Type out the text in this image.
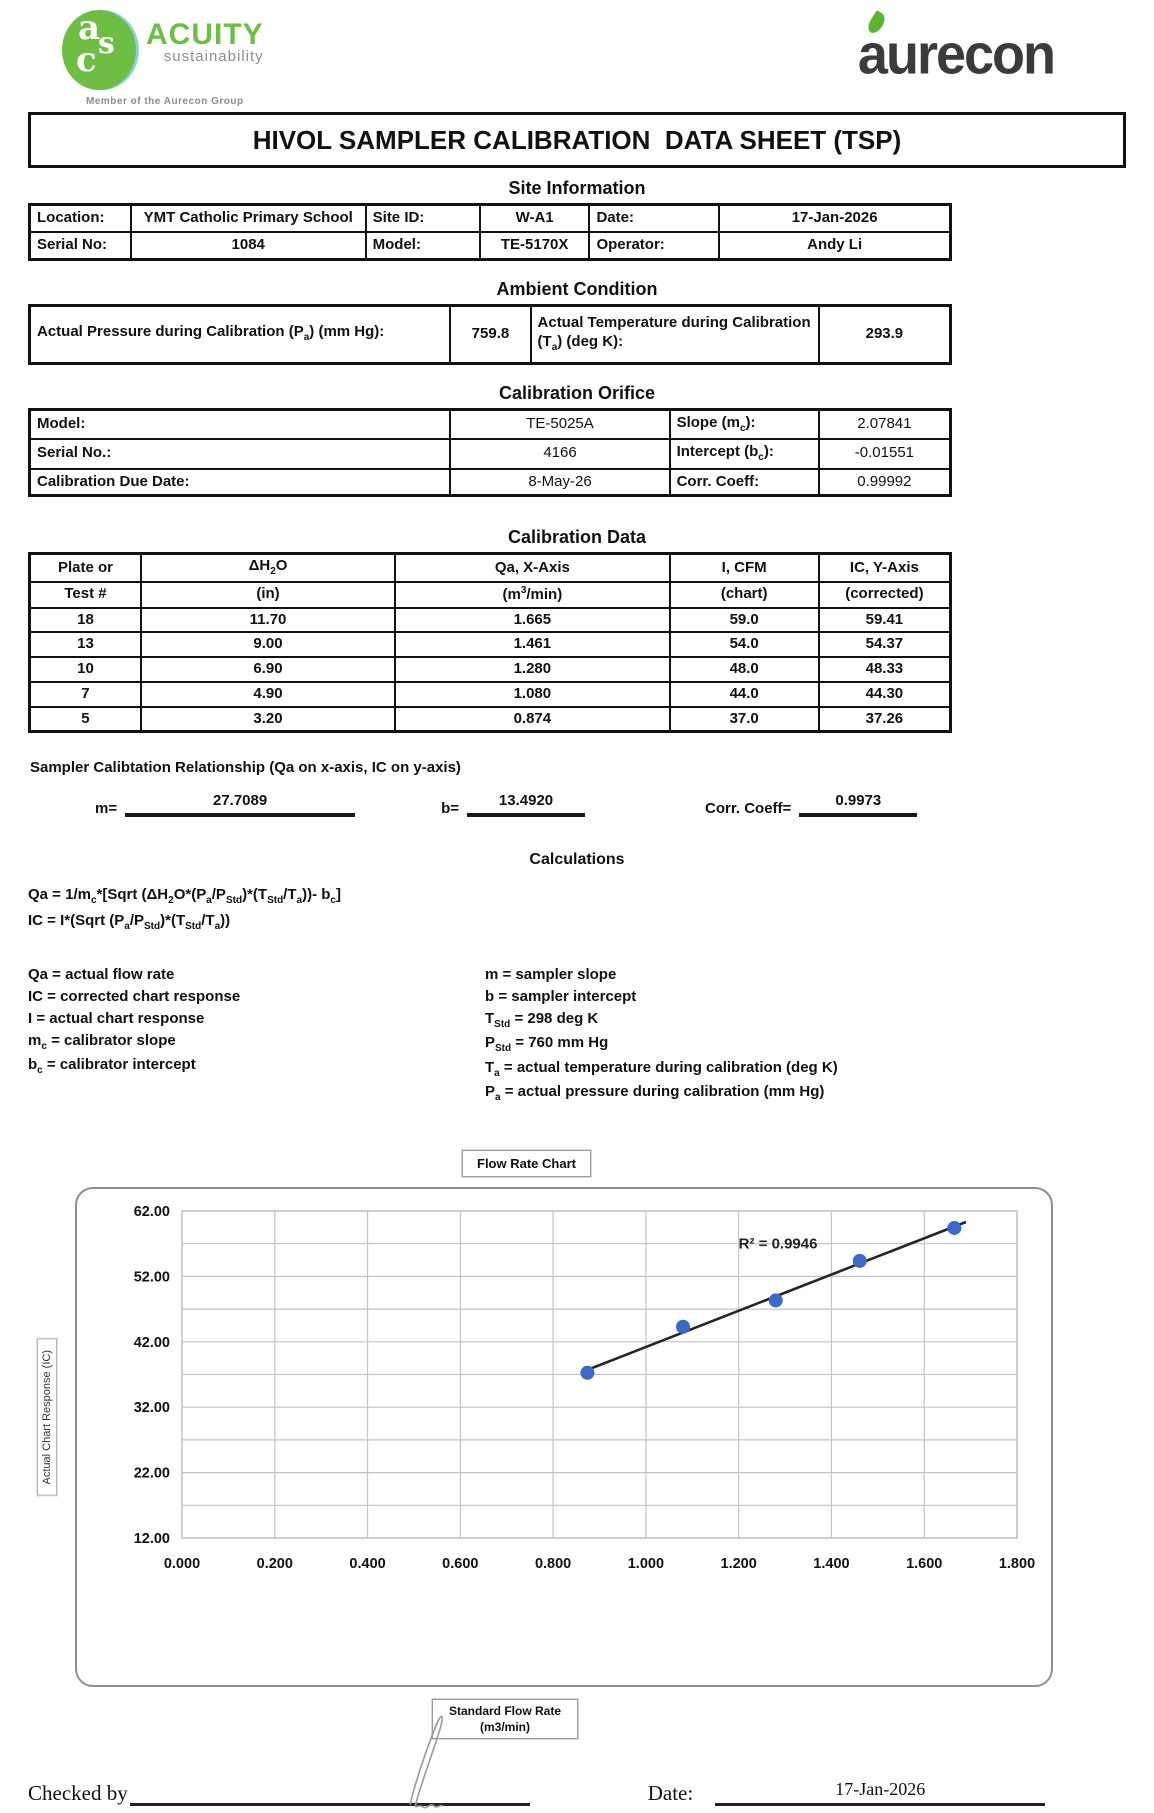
a
s
c
ACUITY
sustainability
Member of the Aurecon Group
aurecon
HIVOL SAMPLER CALIBRATION  DATA SHEET (TSP)
Site Information
Location:	YMT Catholic Primary School	Site ID:	W-A1	Date:	17-Jan-2026
Serial No:	1084	Model:	TE-5170X	Operator:	Andy Li
Ambient Condition
Actual Pressure during Calibration $(P_a)$ (mm Hg):	759.8	Actual Temperature during Calibration $(T_a)$ (deg K):	293.9
Calibration Orifice
Model:	TE-5025A	Slope $(m_c)$:	2.07841
Serial No.:	4166	Intercept $(b_c)$:	-0.01551
Calibration Due Date:	8-May-26	Corr. Coeff:	0.99992
Calibration Data
Plate or	$\Delta H_2O$	Qa, X-Axis	I, CFM	IC, Y-Axis
Test #	(in)	$(m^3/\min)$	(chart)	(corrected)
18	11.70	1.665	59.0	59.41
13	9.00	1.461	54.0	54.37
10	6.90	1.280	48.0	48.33
7	4.90	1.080	44.0	44.30
5	3.20	0.874	37.0	37.26
Sampler Calibtation Relationship (Qa on x-axis, IC on y-axis)
m=	27.7089	b=	13.4920	Corr. Coeff=	0.9973
Calculations
$Qa = 1/m_c*[Sqrt$ $(\Delta H_2O*(P_a/P_{Std})*(T_{Std}/T_a))-$ $b_c$]
IC = I*(Sqrt $(P_a/P_{Std})*(T_{Std}/T_a)$)
Qa = actual flow rate
IC = corrected chart response
I = actual chart response
$m_c$ = calibrator slope
$b_c$ = calibrator intercept
m = sampler slope
b = sampler intercept
$T_{Std} = 298$ deg K
$P_{Std} = 760$ mm Hg
$T_a$ = actual temperature during calibration (deg K)
$P_a$ = actual pressure during calibration (mm Hg)
Flow Rate Chart
Actual Chart Response (IC)
0.000	0.200	0.400	0.600	0.800	1.000	1.200	1.400	1.600	1.800
12.00
22.00
32.00
42.00
52.00
62.00
R² = 0.9946
Standard Flow Rate
(m3/min)
Checked by	Date:	17-Jan-2026
